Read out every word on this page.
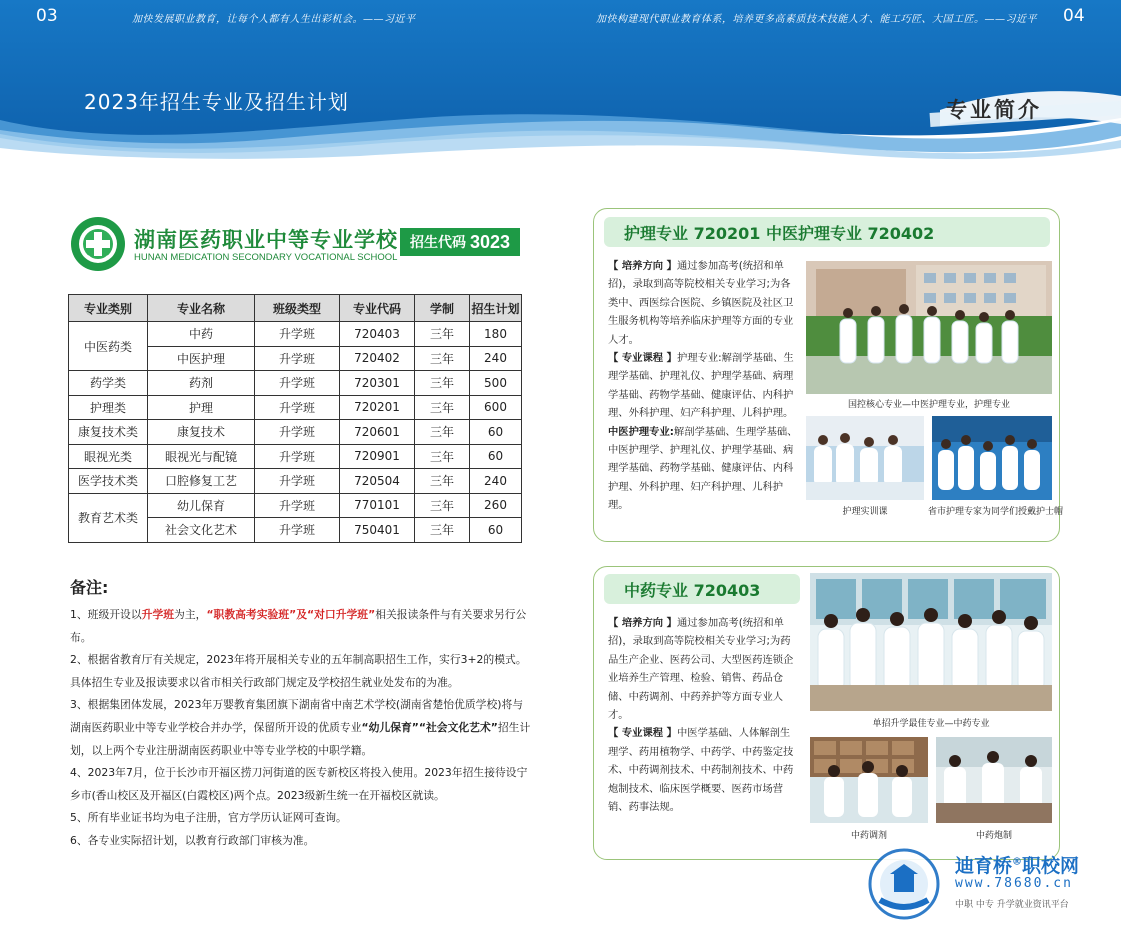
03	04
加快发展职业教育，让每个人都有人生出彩机会。——习近平	加快构建现代职业教育体系，培养更多高素质技术技能人才、能工巧匠、大国工匠。——习近平
2023年招生专业及招生计划	专业简介
湖南医药职业中等专业学校
HUNAN MEDICATION SECONDARY VOCATIONAL SCHOOL
招生代码 3023
专业类别	专业名称	班级类型	专业代码	学制	招生计划
中医药类	中药	升学班	720403	三年	180
	中医护理	升学班	720402	三年	240
药学类	药剂	升学班	720301	三年	500
护理类	护理	升学班	720201	三年	600
康复技术类	康复技术	升学班	720601	三年	60
眼视光类	眼视光与配镜	升学班	720901	三年	60
医学技术类	口腔修复工艺	升学班	720504	三年	240
教育艺术类	幼儿保育	升学班	770101	三年	260
	社会文化艺术	升学班	750401	三年	60
备注:

1、班级开设以升学班为主，“职教高考实验班”及“对口升学班”相关报读条件与有关要求另行公布。

2、根据省教育厅有关规定，2023年将开展相关专业的五年制高职招生工作，实行3+2的模式。具体招生专业及报读要求以省市相关行政部门规定及学校招生就业处发布的为准。

3、根据集团体发展，2023年万婴教育集团旗下湖南省中南艺术学校(湖南省楚怡优质学校)将与湖南医药职业中等专业学校合并办学，保留所开设的优质专业“幼儿保育”“社会文化艺术”招生计划，以上两个专业注册湖南医药职业中等专业学校的中职学籍。

4、2023年7月，位于长沙市开福区捞刀河街道的医专新校区将投入使用。2023年招生接待设宁乡市(香山校区及开福区(白霞校区)两个点。2023级新生统一在开福校区就读。

5、所有毕业证书均为电子注册，官方学历认证网可查询。

6、各专业实际招计划，以教育行政部门审核为准。

护理专业 720201 中医护理专业 720402

【 培养方向 】通过参加高考(统招和单招)，录取到高等院校相关专业学习;为各类中、西医综合医院、乡镇医院及社区卫生服务机构等培养临床护理等方面的专业人才。

【 专业课程 】护理专业:解剖学基础、生理学基础、护理礼仪、护理学基础、病理学基础、药物学基础、健康评估、内科护理、外科护理、妇产科护理、儿科护理。

中医护理专业:解剖学基础、生理学基础、中医护理学、护理礼仪、护理学基础、病理学基础、药物学基础、健康评估、内科护理、外科护理、妇产科护理、儿科护理。

国控核心专业—中医护理专业，护理专业
护理实训课	省市护理专家为同学们授戴护士帽
中药专业 720403

【 培养方向 】通过参加高考(统招和单招)，录取到高等院校相关专业学习;为药品生产企业、医药公司、大型医药连锁企业培养生产管理、检验、销售、药品仓储、中药调剂、中药养护等方面专业人才。

【 专业课程 】中医学基础、人体解剖生理学、药用植物学、中药学、中药鉴定技术、中药调剂技术、中药制剂技术、中药炮制技术、临床医学概要、医药市场营销、药事法规。

单招升学最佳专业—中药专业
中药调剂	中药炮制
迪育桥®职校网
www.78680.cn
中职 中专 升学就业资讯平台
